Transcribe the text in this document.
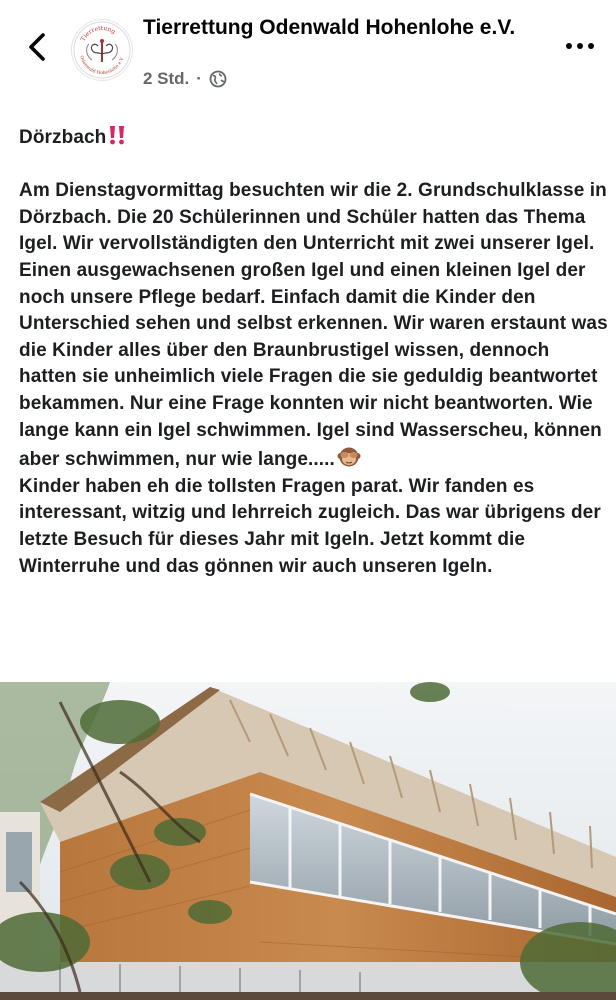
Tierrettung
Odenwald Hohenlohe e.V.
Tierrettung Odenwald Hohenlohe e.V.
2 Std. ·

Dörzbach

Am Dienstagvormittag besuchten wir die 2. Grundschulklasse in Dörzbach. Die 20 Schülerinnen und Schüler hatten das Thema Igel. Wir vervollständigten den Unterricht mit zwei unserer Igel. Einen ausgewachsenen großen Igel und einen kleinen Igel der noch unsere Pflege bedarf. Einfach damit die Kinder den Unterschied sehen und selbst erkennen. Wir waren erstaunt was die Kinder alles über den Braunbrustigel wissen, dennoch hatten sie unheimlich viele Fragen die sie geduldig beantwortet bekammen. Nur eine Frage konnten wir nicht beantworten. Wie lange kann ein Igel schwimmen. Igel sind Wasserscheu, können aber schwimmen, nur wie lange.....

Kinder haben eh die tollsten Fragen parat. Wir fanden es interessant, witzig und lehrreich zugleich. Das war übrigens der letzte Besuch für dieses Jahr mit Igeln. Jetzt kommt die Winterruhe und das gönnen wir auch unseren Igeln.
